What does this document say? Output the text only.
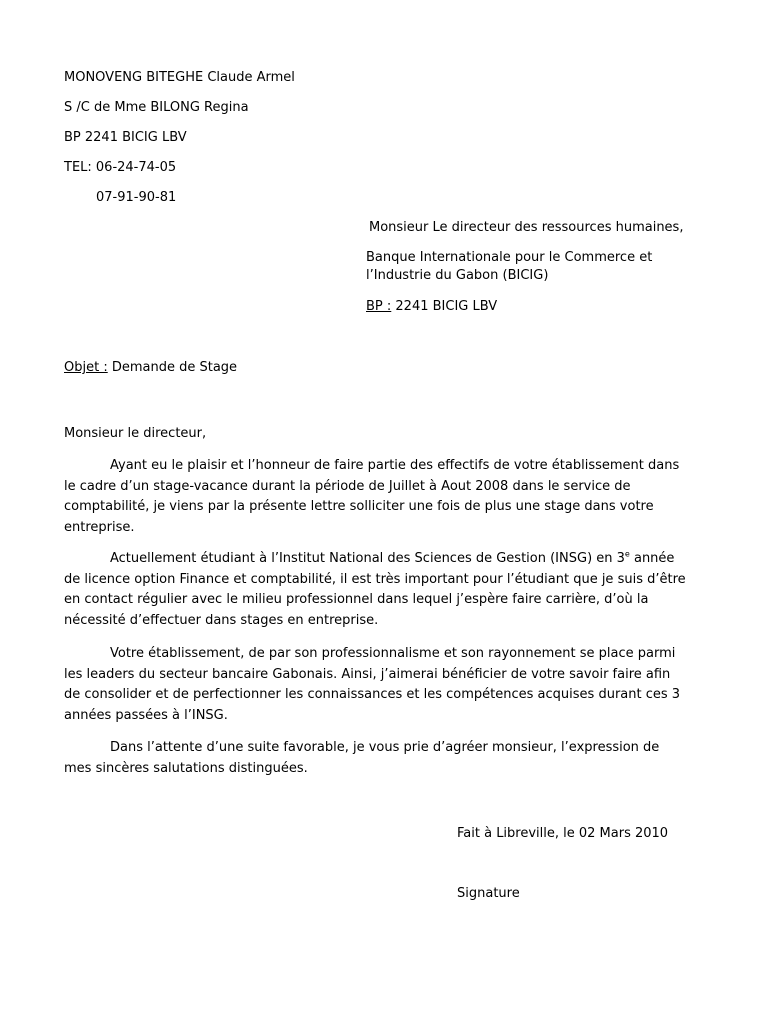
MONOVENG BITEGHE Claude Armel
S /C de Mme BILONG Regina
BP 2241 BICIG LBV
TEL: 06-24-74-05
07-91-90-81
Monsieur Le directeur des ressources humaines,
Banque Internationale pour le Commerce et
l’Industrie du Gabon (BICIG)
BP : 2241 BICIG LBV
Objet : Demande de Stage
Monsieur le directeur,
Ayant eu le plaisir et l’honneur de faire partie des effectifs de votre établissement dans le cadre d’un stage-vacance durant la période de Juillet à Aout 2008 dans le service de comptabilité, je viens par la présente lettre solliciter une fois de plus une stage dans votre entreprise.
Actuellement étudiant à l’Institut National des Sciences de Gestion (INSG) en 3e année de licence option Finance et comptabilité, il est très important pour l’étudiant que je suis d’être en contact régulier avec le milieu professionnel dans lequel j’espère faire carrière, d’où la nécessité d’effectuer dans stages en entreprise.
Votre établissement, de par son professionnalisme et son rayonnement se place parmi les leaders du secteur bancaire Gabonais. Ainsi, j’aimerai bénéficier de votre savoir faire afin de consolider et de perfectionner les connaissances et les compétences acquises durant ces 3 années passées à l’INSG.
Dans l’attente d’une suite favorable, je vous prie d’agréer monsieur, l’expression de mes sincères salutations distinguées.
Fait à Libreville, le 02 Mars 2010
Signature
